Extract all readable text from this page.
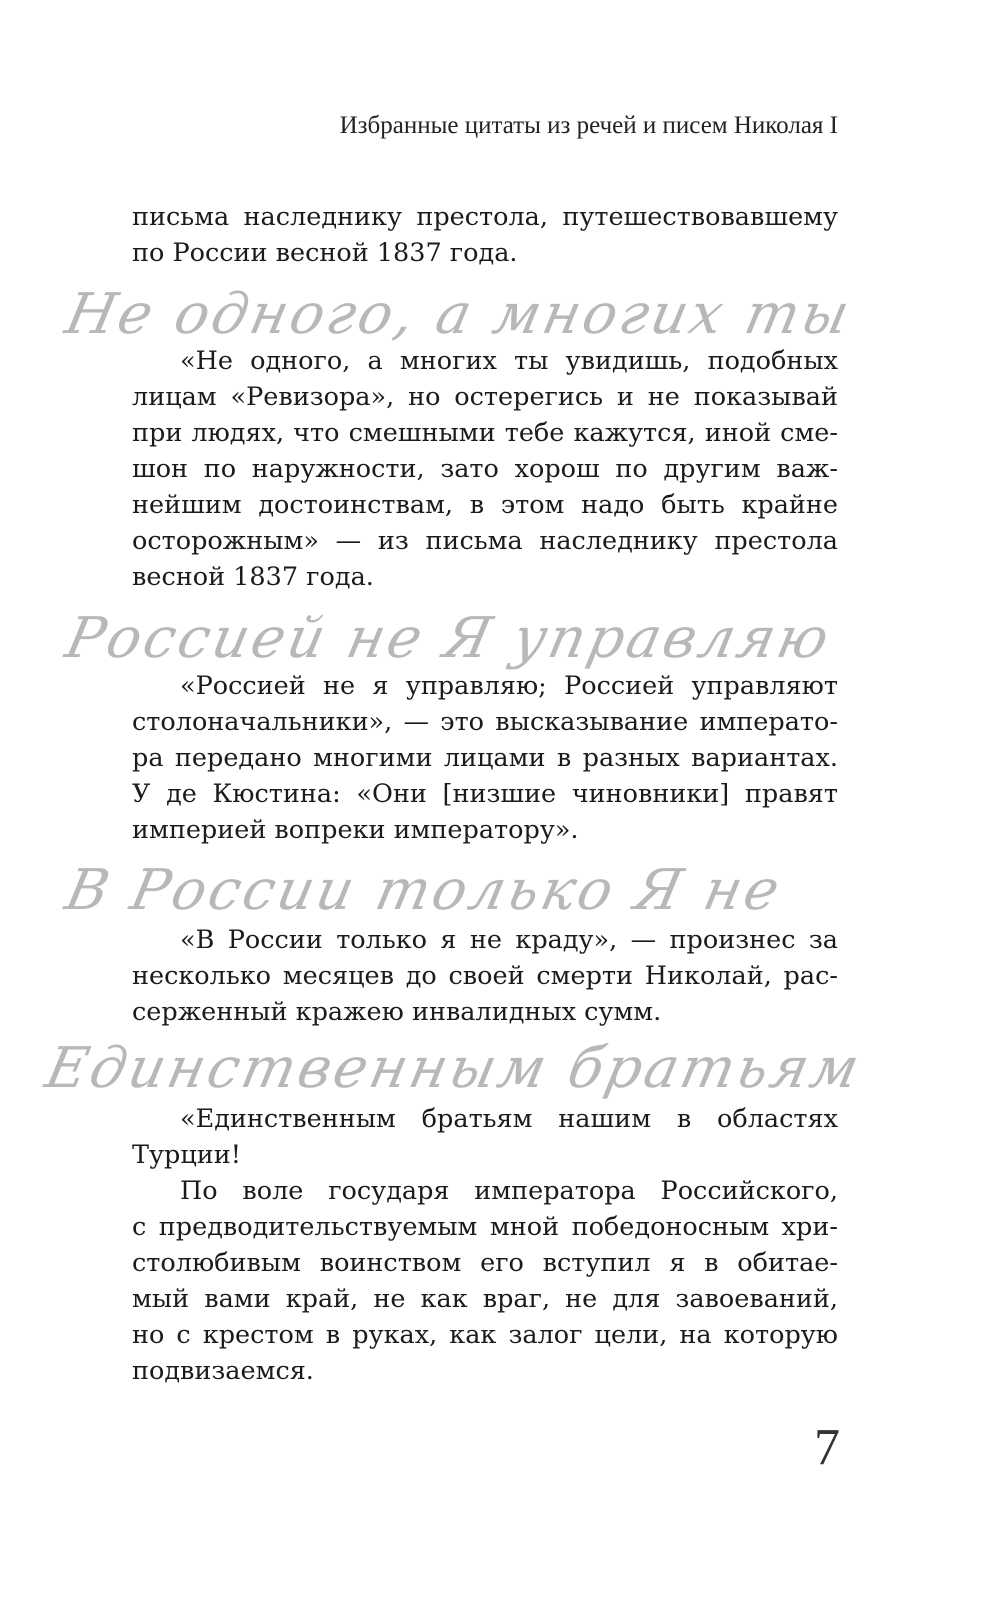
Избранные цитаты из речей и писем Николая I
письма наследнику престола, путешествовавшему
по России весной 1837 года.
Не одного, а многих ты
«Не одного, а многих ты увидишь, подобных
лицам «Ревизора», но остерегись и не показывай
при людях, что смешными тебе кажутся, иной сме-
шон по наружности, зато хорош по другим важ-
нейшим достоинствам, в этом надо быть крайне
осторожным» — из письма наследнику престола
весной 1837 года.
Россией не Я управляю
«Россией не я управляю; Россией управляют
столоначальники», — это высказывание императо-
ра передано многими лицами в разных вариантах.
У де Кюстина: «Они [низшие чиновники] правят
империей вопреки императору».
В России только Я не
«В России только я не краду», — произнес за
несколько месяцев до своей смерти Николай, рас-
серженный кражею инвалидных сумм.
Единственным братьям
«Единственным братьям нашим в областях
Турции!
По воле государя императора Российского,
с предводительствуемым мной победоносным хри-
столюбивым воинством его вступил я в обитае-
мый вами край, не как враг, не для завоеваний,
но с крестом в руках, как залог цели, на которую
подвизаемся.
7
